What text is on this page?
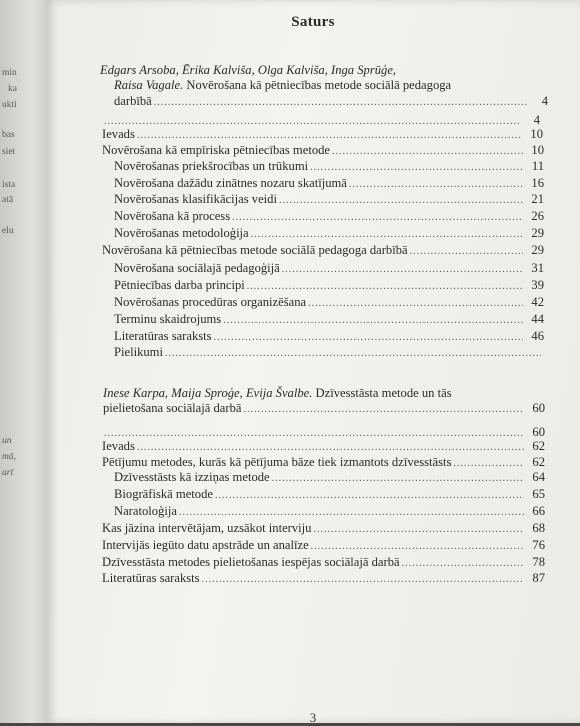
min
ka
ukti
bas
siet
ista
atā
elu
un
mā,
arī
Saturs
Edgars Arsoba, Ērika Kalviša, Olga Kalviša, Inga Sprūģe,
Raisa Vagale. Novērošana kā pētniecības metode sociālā pedagoga
darbībā .....	4
.....
4
Ievads .....	10
Novērošana kā empīriska pētniecības metode .....	10
Novērošanas priekšrocības un trūkumi .....	11
Novērošana dažādu zinātnes nozaru skatījumā .....	16
Novērošanas klasifikācijas veidi .....	21
Novērošana kā process .....	26
Novērošanas metodoloģija .....	29
Novērošana kā pētniecības metode sociālā pedagoga darbībā .....	29
Novērošana sociālajā pedagoģijā .....	31
Pētniecības darba principi .....	39
Novērošanas procedūras organizēšana .....	42
Terminu skaidrojums .....	44
Literatūras saraksts .....	46
Pielikumi
.....
Inese Karpa, Maija Sproģe, Evija Švalbe. Dzīvesstāsta metode un tās
pielietošana sociālajā darbā .....	60
.....
60
Ievads .....	62
Pētījumu metodes, kurās kā pētījuma bāze tiek izmantots dzīvesstāsts .....	62
Dzīvesstāsts kā izziņas metode .....	64
Biogrāfiskā metode .....	65
Naratoloģija .....	66
Kas jāzina intervētājam, uzsākot interviju .....	68
Intervijās iegūto datu apstrāde un analīze .....	76
Dzīvesstāsta metodes pielietošanas iespējas sociālajā darbā .....	78
Literatūras saraksts .....	87
3
